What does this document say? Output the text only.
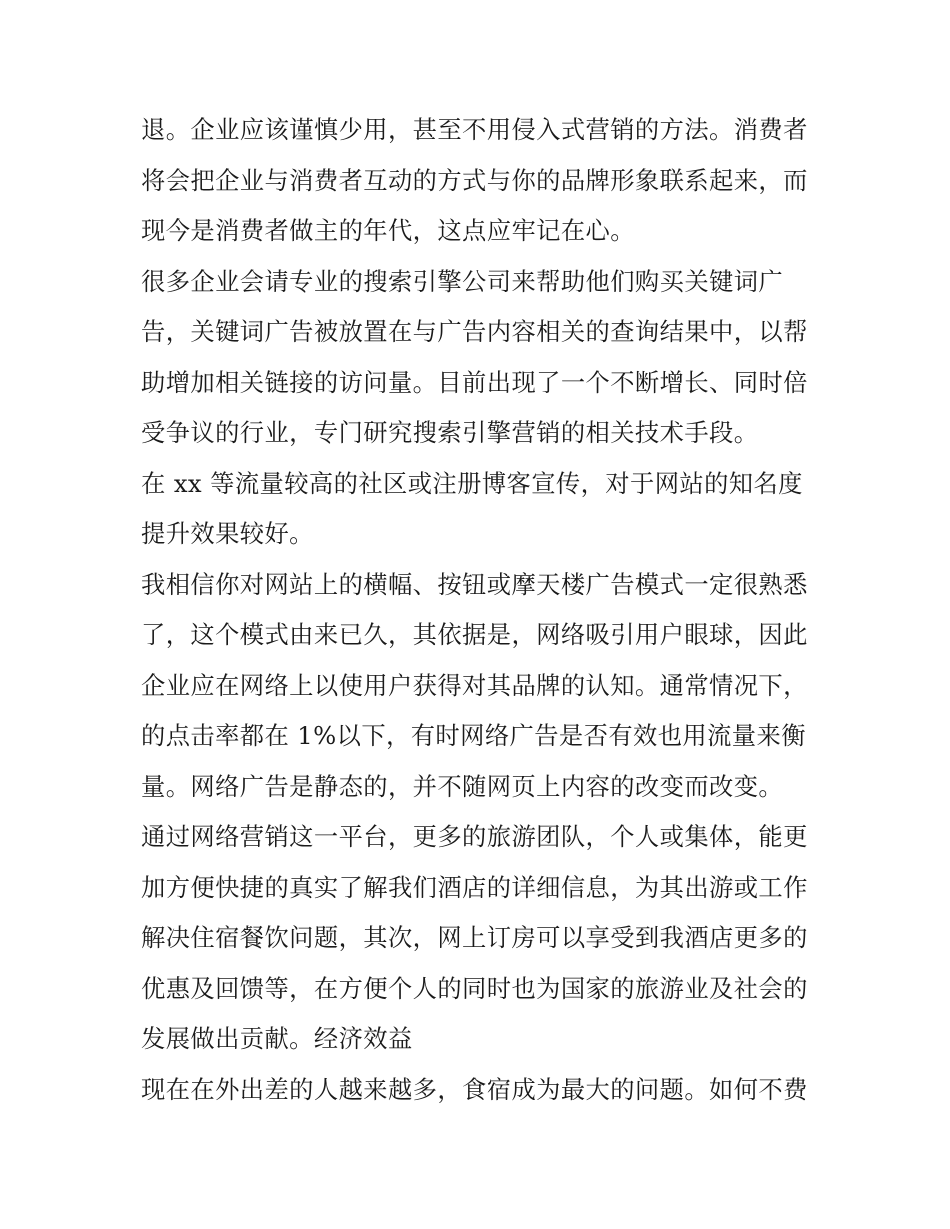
退。企业应该谨慎少用，甚至不用侵入式营销的方法。消费者
将会把企业与消费者互动的方式与你的品牌形象联系起来，而
现今是消费者做主的年代，这点应牢记在心。
很多企业会请专业的搜索引擎公司来帮助他们购买关键词广
告，关键词广告被放置在与广告内容相关的查询结果中，以帮
助增加相关链接的访问量。目前出现了一个不断增长、同时倍
受争议的行业，专门研究搜索引擎营销的相关技术手段。
在 xx 等流量较高的社区或注册博客宣传，对于网站的知名度
提升效果较好。
我相信你对网站上的横幅、按钮或摩天楼广告模式一定很熟悉
了，这个模式由来已久，其依据是，网络吸引用户眼球，因此
企业应在网络上以使用户获得对其品牌的认知。通常情况下，
的点击率都在 1%以下，有时网络广告是否有效也用流量来衡
量。网络广告是静态的，并不随网页上内容的改变而改变。
通过网络营销这一平台，更多的旅游团队，个人或集体，能更
加方便快捷的真实了解我们酒店的详细信息，为其出游或工作
解决住宿餐饮问题，其次，网上订房可以享受到我酒店更多的
优惠及回馈等，在方便个人的同时也为国家的旅游业及社会的
发展做出贡献。经济效益
现在在外出差的人越来越多，食宿成为最大的问题。如何不费
